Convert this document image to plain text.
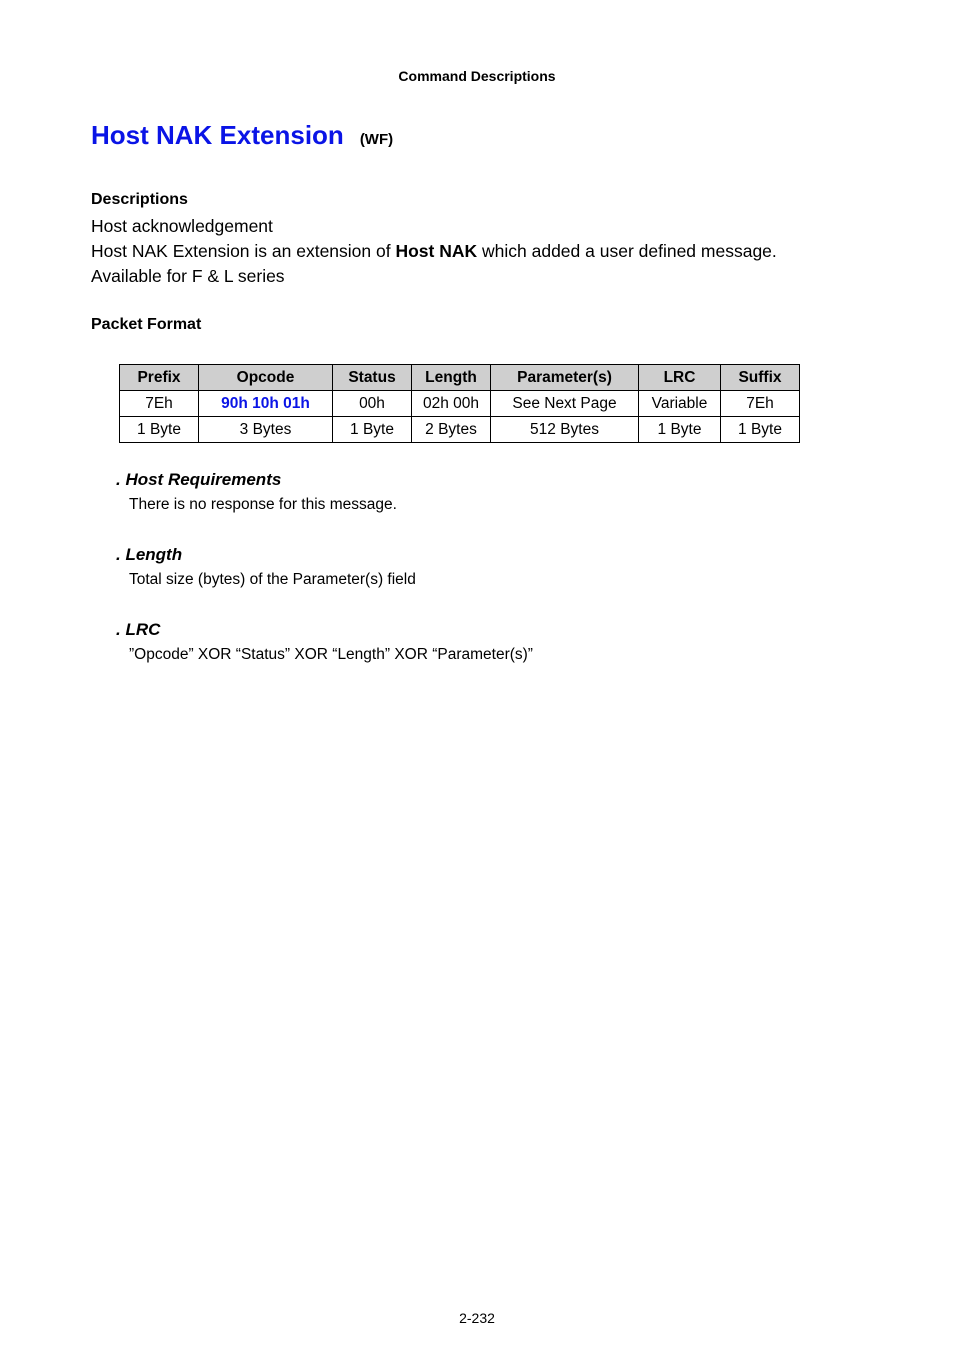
Command Descriptions
Host NAK Extension (WF)
Descriptions
Host acknowledgement
Host NAK Extension is an extension of Host NAK which added a user defined message.
Available for F & L series
Packet Format
Prefix	Opcode	Status	Length	Parameter(s)	LRC	Suffix
7Eh	90h 10h 01h	00h	02h 00h	See Next Page	Variable	7Eh
1 Byte	3 Bytes	1 Byte	2 Bytes	512 Bytes	1 Byte	1 Byte
. Host Requirements
There is no response for this message.
. Length
Total size (bytes) of the Parameter(s) field
. LRC
”Opcode” XOR “Status” XOR “Length” XOR “Parameter(s)”
2-232
